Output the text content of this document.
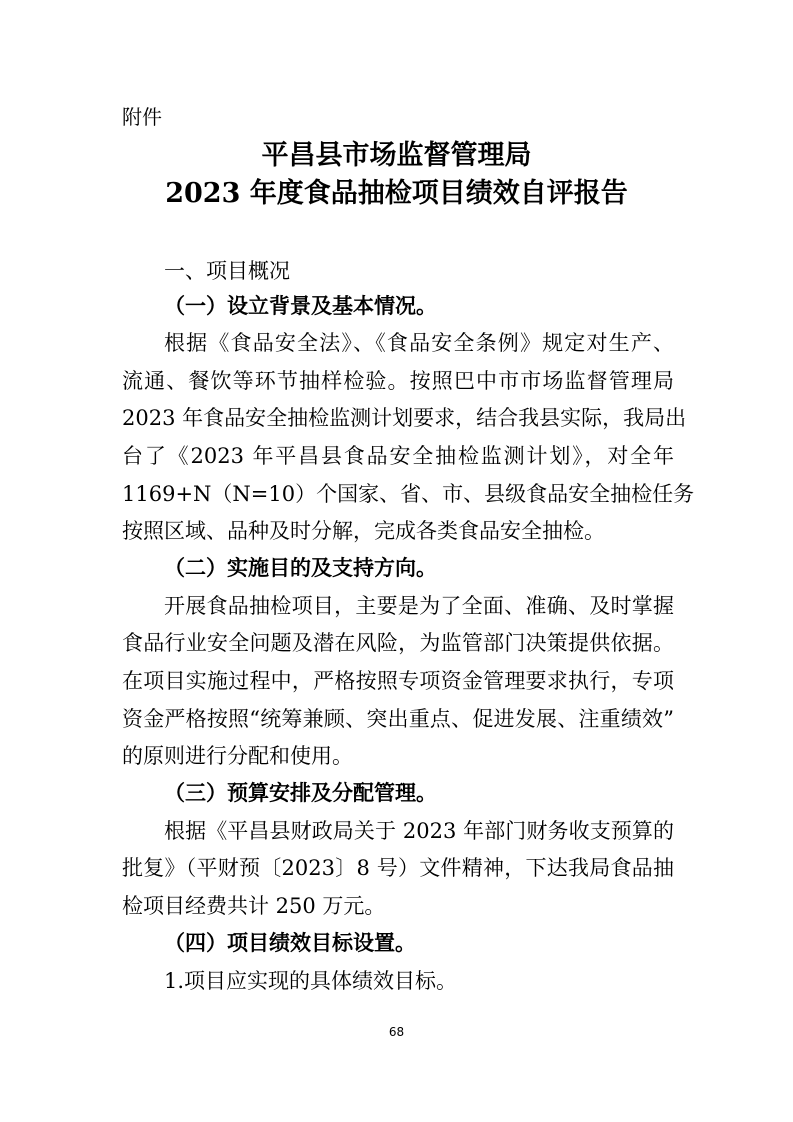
附件
平昌县市场监督管理局
2023 年度食品抽检项目绩效自评报告
一、项目概况
（一）设立背景及基本情况。
根据《食品安全法》、《食品安全条例》规定对生产、
流通、餐饮等环节抽样检验。按照巴中市市场监督管理局
2023 年食品安全抽检监测计划要求，结合我县实际，我局出
台了《2023 年平昌县食品安全抽检监测计划》，对全年
1169+N（N=10）个国家、省、市、县级食品安全抽检任务
按照区域、品种及时分解，完成各类食品安全抽检。
（二）实施目的及支持方向。
开展食品抽检项目，主要是为了全面、准确、及时掌握
食品行业安全问题及潜在风险，为监管部门决策提供依据。
在项目实施过程中，严格按照专项资金管理要求执行，专项
资金严格按照“统筹兼顾、突出重点、促进发展、注重绩效”
的原则进行分配和使用。
（三）预算安排及分配管理。
根据《平昌县财政局关于 2023 年部门财务收支预算的
批复》（平财预〔2023〕8 号）文件精神，下达我局食品抽
检项目经费共计 250 万元。
（四）项目绩效目标设置。
1.项目应实现的具体绩效目标。
68
